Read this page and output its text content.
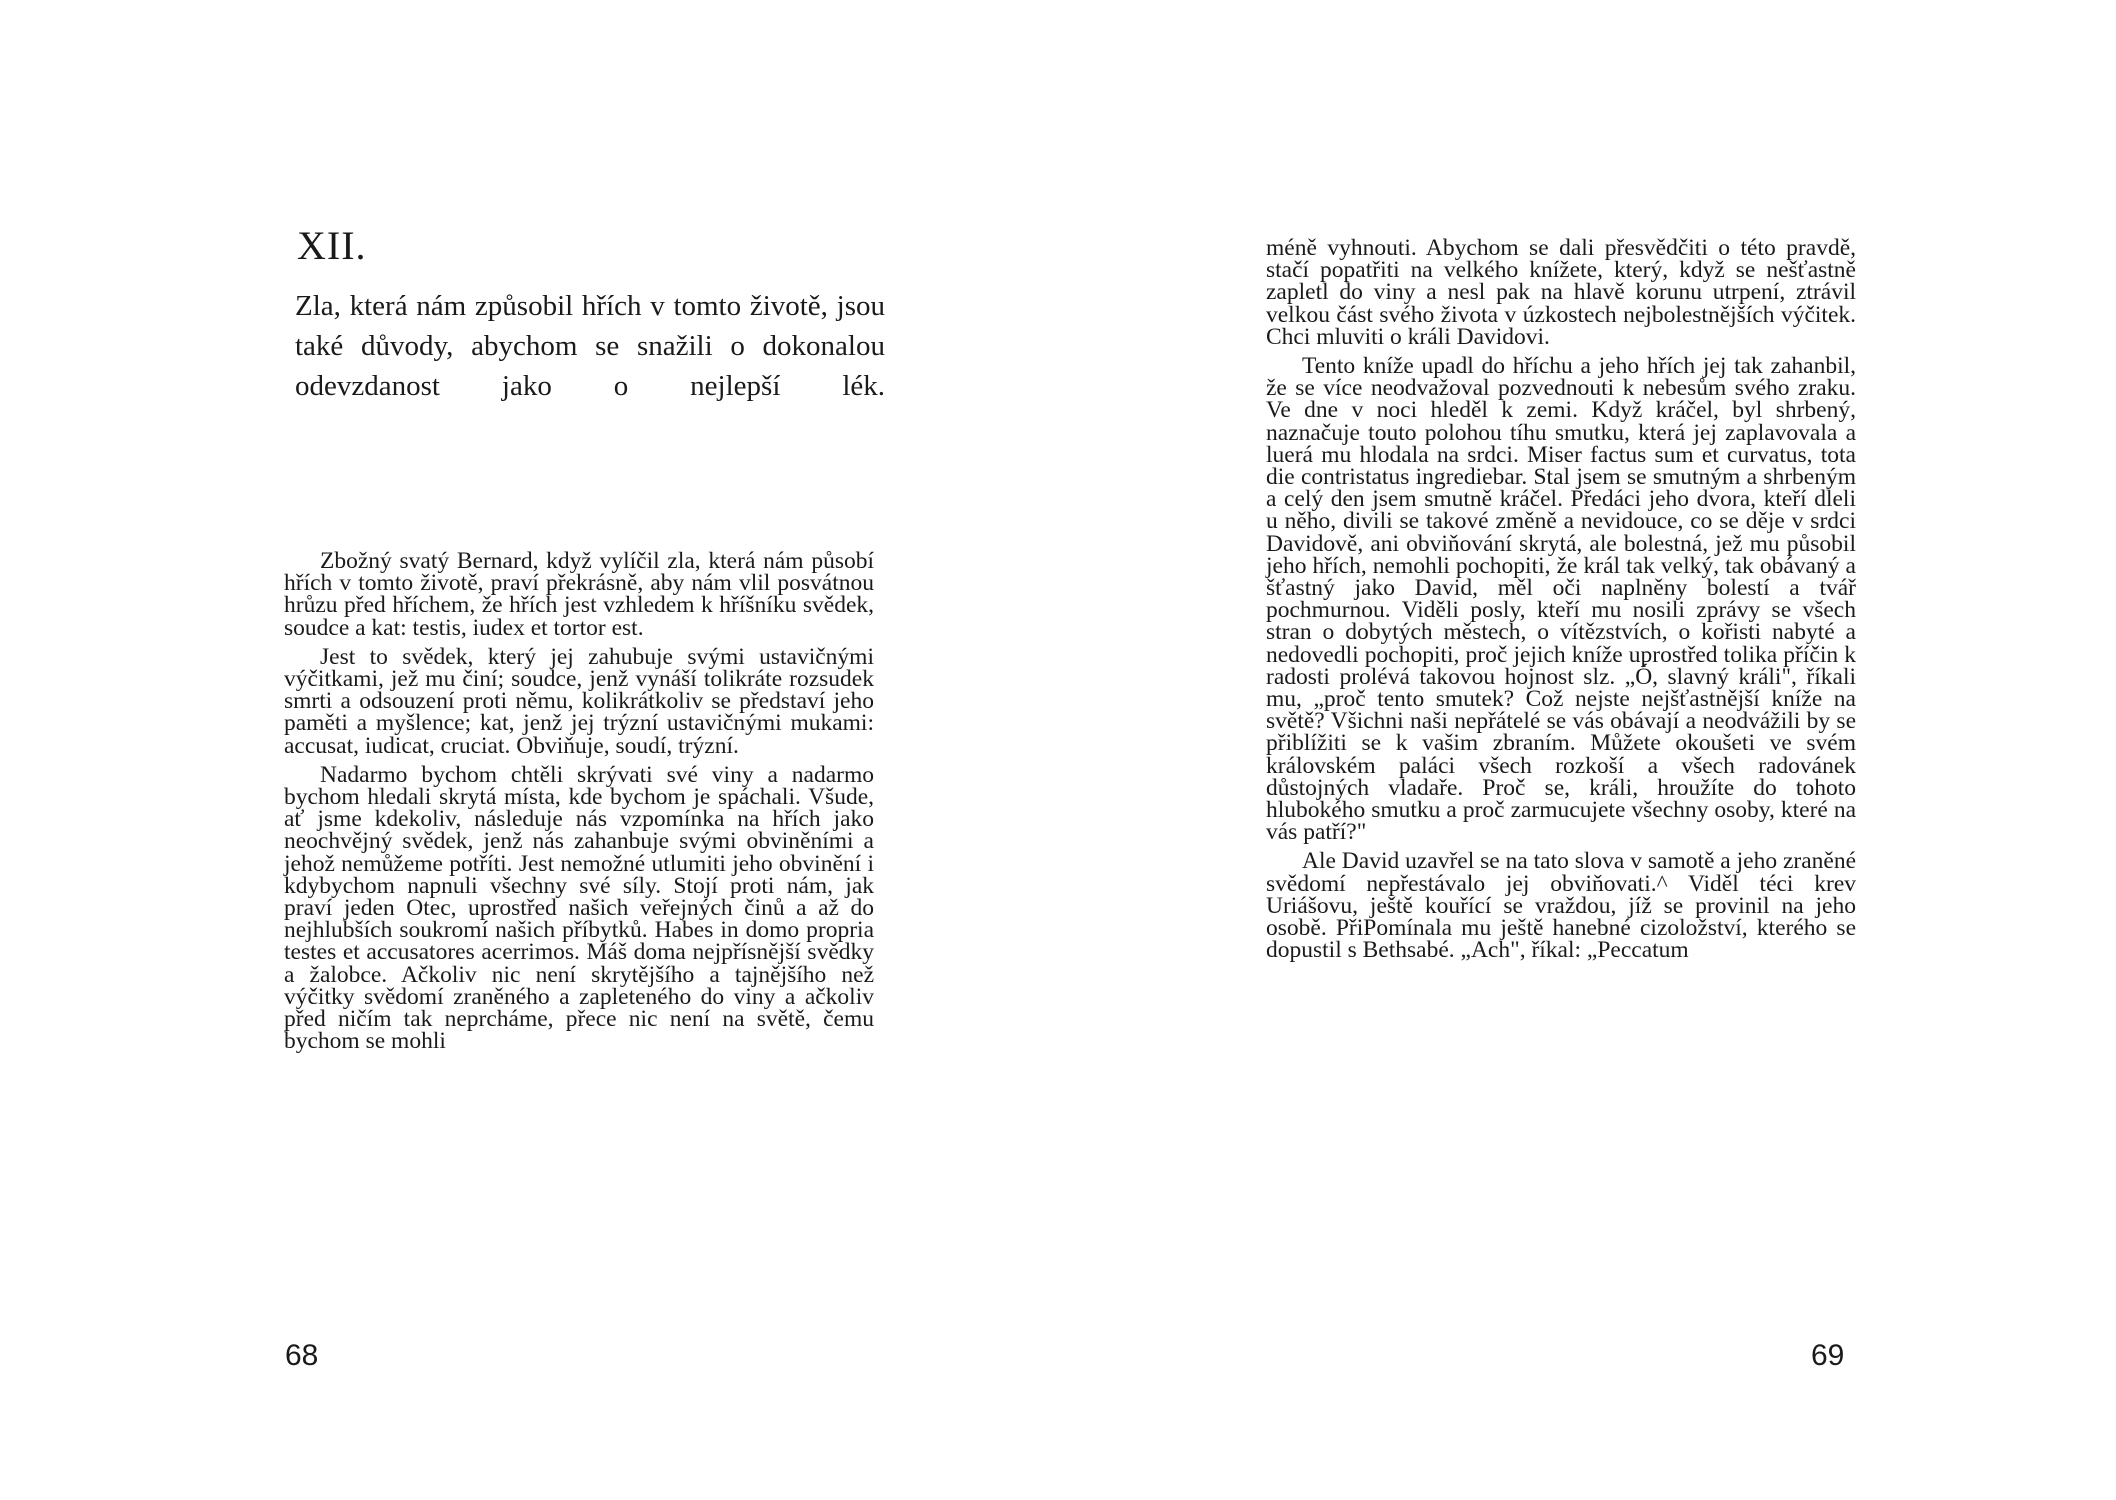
XII.
Zla, která nám způsobil hřích v tomto životě, jsou také důvody, abychom se snažili o dokonalou odevzdanost jako o nejlepší lék.

Zbožný svatý Bernard, když vylíčil zla, která nám působí hřích v tomto životě, praví překrásně, aby nám vlil posvátnou hrůzu před hříchem, že hřích jest vzhledem k hříšníku svědek, soudce a kat: testis, iudex et tortor est.

Jest to svědek, který jej zahubuje svými ustavičnými výčitkami, jež mu činí; soudce, jenž vynáší tolikráte rozsudek smrti a odsouzení proti němu, kolikrátkoliv se představí jeho paměti a myšlence; kat, jenž jej trýzní ustavičnými mukami: accusat, iudicat, cruciat. Obviňuje, soudí, trýzní.

Nadarmo bychom chtěli skrývati své viny a nadarmo bychom hledali skrytá místa, kde bychom je spáchali. Všude, ať jsme kdekoliv, následuje nás vzpomínka na hřích jako neochvějný svědek, jenž nás zahanbuje svými obviněními a jehož nemůžeme potříti. Jest nemožné utlumiti jeho obvinění i kdybychom napnuli všechny své síly. Stojí proti nám, jak praví jeden Otec, uprostřed našich veřejných činů a až do nejhlubších soukromí našich příbytků. Habes in domo propria testes et accusatores acerrimos. Máš doma nejpřísnější svědky a žalobce. Ačkoliv nic není skrytějšího a tajnějšího než výčitky svědomí zraněného a zapleteného do viny a ačkoliv před ničím tak neprcháme, přece nic není na světě, čemu bychom se mohli

68

méně vyhnouti. Abychom se dali přesvědčiti o této pravdě, stačí popatřiti na velkého knížete, který, když se nešťastně zapletl do viny a nesl pak na hlavě korunu utrpení, ztrávil velkou část svého života v úzkostech nejbolestnějších výčitek. Chci mluviti o králi Davidovi.

Tento kníže upadl do hříchu a jeho hřích jej tak zahanbil, že se více neodvažoval pozvednouti k nebesům svého zraku. Ve dne v noci hleděl k zemi. Když kráčel, byl shrbený, naznačuje touto polohou tíhu smutku, která jej zaplavovala a luerá mu hlodala na srdci. Miser factus sum et curvatus, tota die contristatus ingrediebar. Stal jsem se smutným a shrbeným a celý den jsem smutně kráčel. Předáci jeho dvora, kteří dleli u něho, divili se takové změně a nevidouce, co se děje v srdci Davidově, ani obviňování skrytá, ale bolestná, jež mu působil jeho hřích, nemohli pochopiti, že král tak velký, tak obávaný a šťastný jako David, měl oči naplněny bolestí a tvář pochmurnou. Viděli posly, kteří mu nosili zprávy se všech stran o dobytých městech, o vítězstvích, o kořisti nabyté a nedovedli pochopiti, proč jejich kníže uprostřed tolika příčin k radosti prolévá takovou hojnost slz. „Ó, slavný králi", říkali mu, „proč tento smutek? Což nejste nejšťastnější kníže na světě? Všichni naši nepřátelé se vás obávají a neodvážili by se přiblížiti se k vašim zbraním. Můžete okoušeti ve svém královském paláci všech rozkoší a všech radovánek důstojných vladaře. Proč se, králi, hroužíte do tohoto hlubokého smutku a proč zarmucujete všechny osoby, které na vás patří?"

Ale David uzavřel se na tato slova v samotě a jeho zraněné svědomí nepřestávalo jej obviňovati.^ Viděl téci krev Uriášovu, ještě kouřící se vraždou, jíž se provinil na jeho osobě. PřiPomínala mu ještě hanebné cizoložství, kterého se dopustil s Bethsabé. „Ach", říkal: „Peccatum

69
